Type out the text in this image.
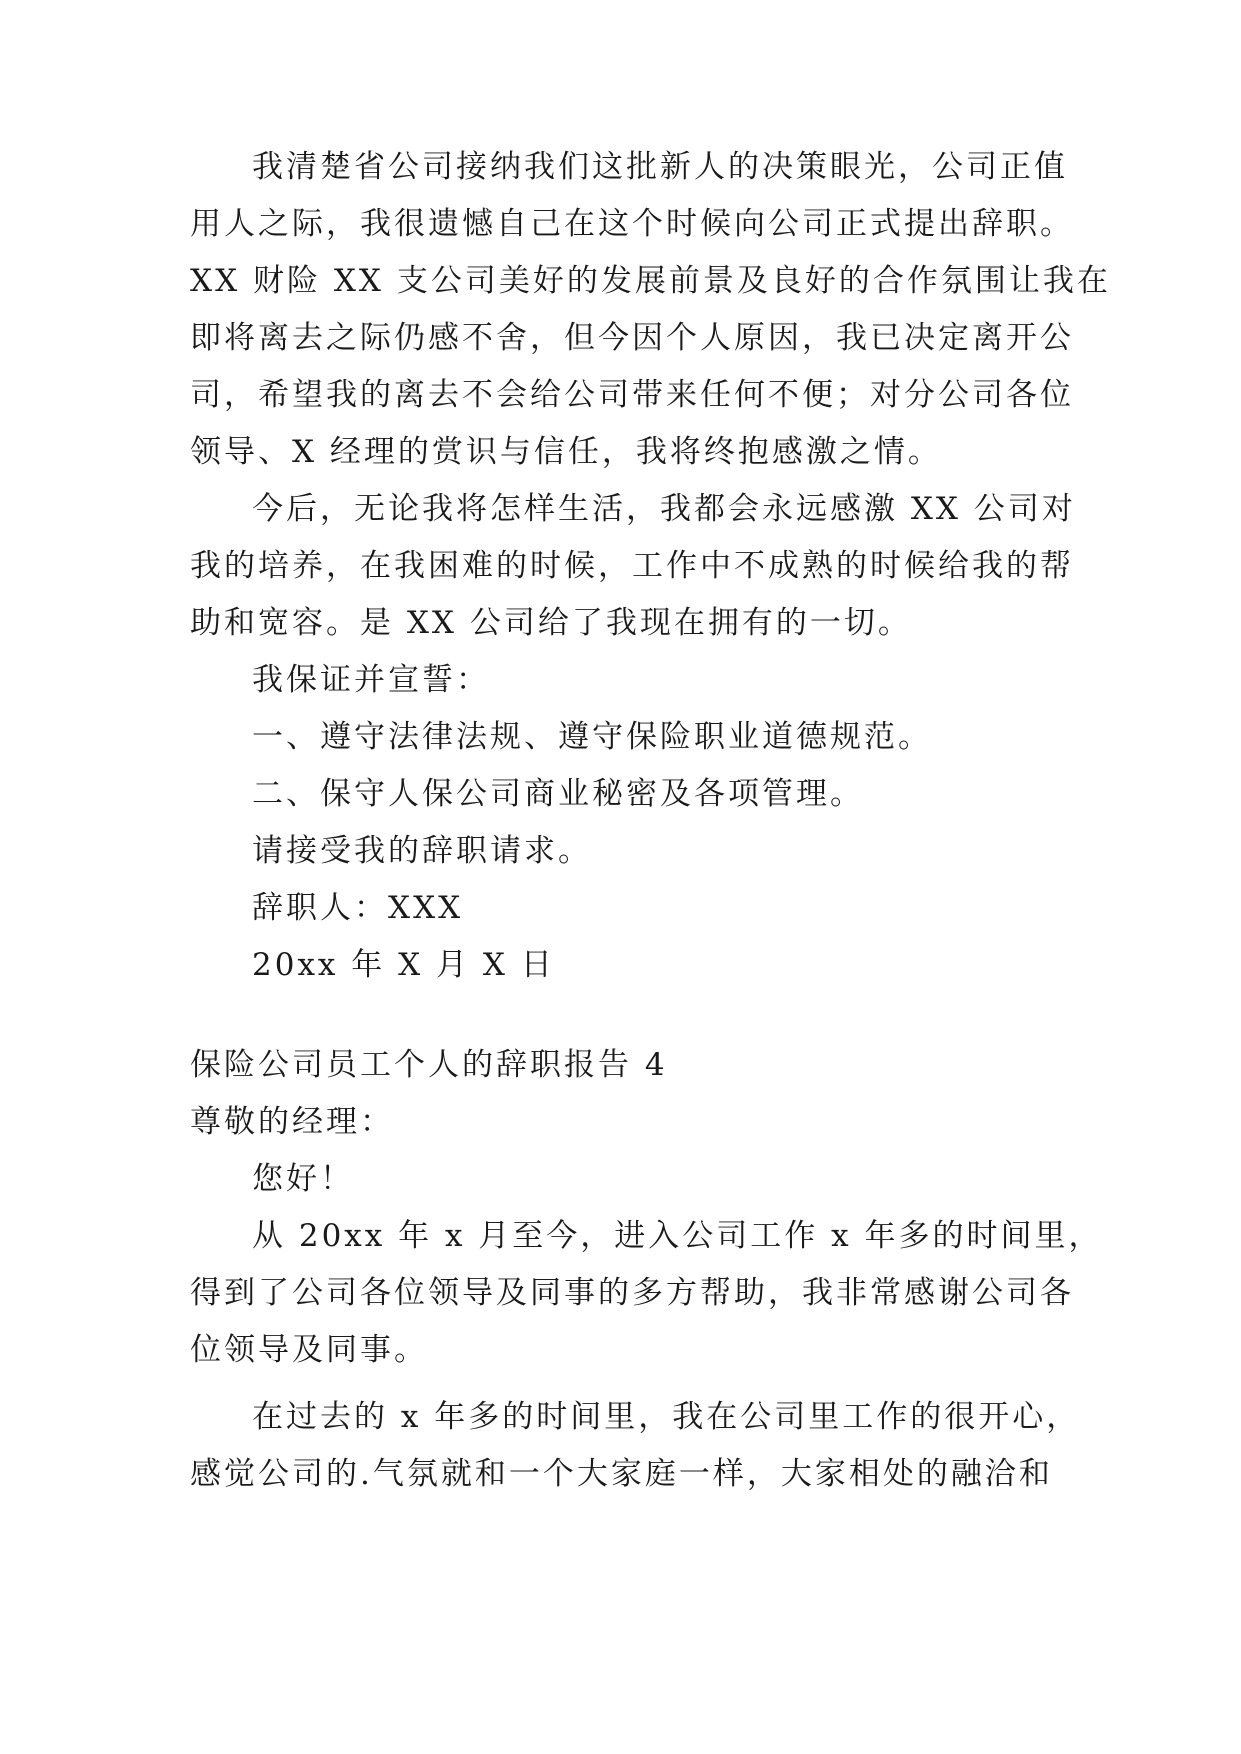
我清楚省公司接纳我们这批新人的决策眼光，公司正值
用人之际，我很遗憾自己在这个时候向公司正式提出辞职。
XX 财险 XX 支公司美好的发展前景及良好的合作氛围让我在
即将离去之际仍感不舍，但今因个人原因，我已决定离开公
司，希望我的离去不会给公司带来任何不便；对分公司各位
领导、X 经理的赏识与信任，我将终抱感激之情。
今后，无论我将怎样生活，我都会永远感激 XX 公司对
我的培养，在我困难的时候，工作中不成熟的时候给我的帮
助和宽容。是 XX 公司给了我现在拥有的一切。
我保证并宣誓：
一、遵守法律法规、遵守保险职业道德规范。
二、保守人保公司商业秘密及各项管理。
请接受我的辞职请求。
辞职人：XXX
20xx 年 X 月 X 日
保险公司员工个人的辞职报告 4
尊敬的经理：
您好！
从 20xx 年 x 月至今，进入公司工作 x 年多的时间里，
得到了公司各位领导及同事的多方帮助，我非常感谢公司各
位领导及同事。
在过去的 x 年多的时间里，我在公司里工作的很开心，
感觉公司的.气氛就和一个大家庭一样，大家相处的融洽和
